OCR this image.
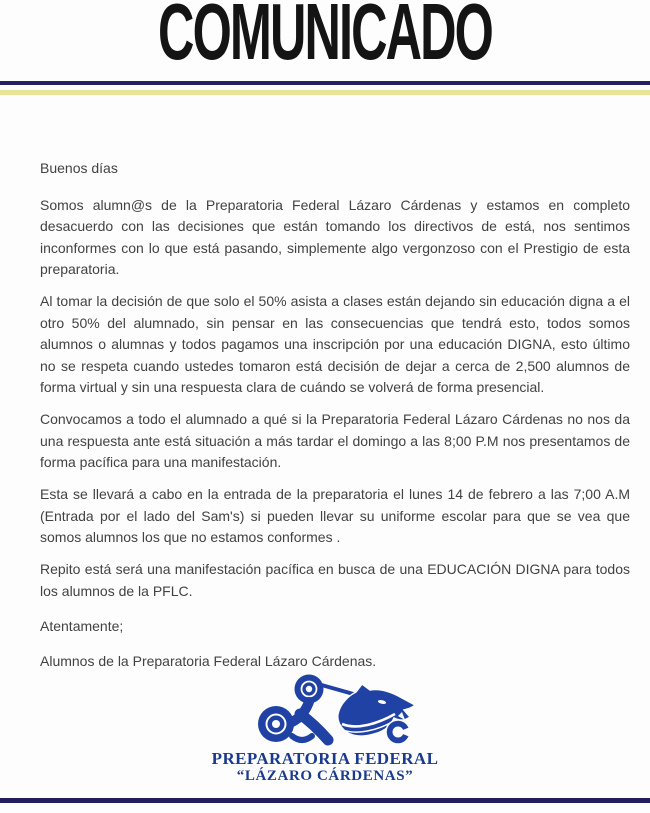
COMUNICADO

Buenos días

Somos alumn@s de la Preparatoria Federal Lázaro Cárdenas y estamos en completo desacuerdo con las decisiones que están tomando los directivos de está, nos sentimos inconformes con lo que está pasando, simplemente algo vergonzoso con el Prestigio de esta preparatoria.

Al tomar la decisión de que solo el 50% asista a clases están dejando sin educación digna a el otro 50% del alumnado, sin pensar en las consecuencias que tendrá esto, todos somos alumnos o alumnas y todos pagamos una inscripción por una educación DIGNA, esto último no se respeta cuando ustedes tomaron está decisión de dejar a cerca de 2,500 alumnos de forma virtual y sin una respuesta clara de cuándo se volverá de forma presencial.

Convocamos a todo el alumnado a qué si la Preparatoria Federal Lázaro Cárdenas no nos da una respuesta ante está situación a más tardar el domingo a las 8;00 P.M nos presentamos de forma pacífica para una manifestación.

Esta se llevará a cabo en la entrada de la preparatoria el lunes 14 de febrero a las 7;00 A.M (Entrada por el lado del Sam's) si pueden llevar su uniforme escolar para que se vea que somos alumnos los que no estamos conformes .

Repito está será una manifestación pacífica en busca de una EDUCACIÓN DIGNA para todos los alumnos de la PFLC.

Atentamente;

Alumnos de la Preparatoria Federal Lázaro Cárdenas.

PREPARATORIA FEDERAL
“LÁZARO CÁRDENAS”
